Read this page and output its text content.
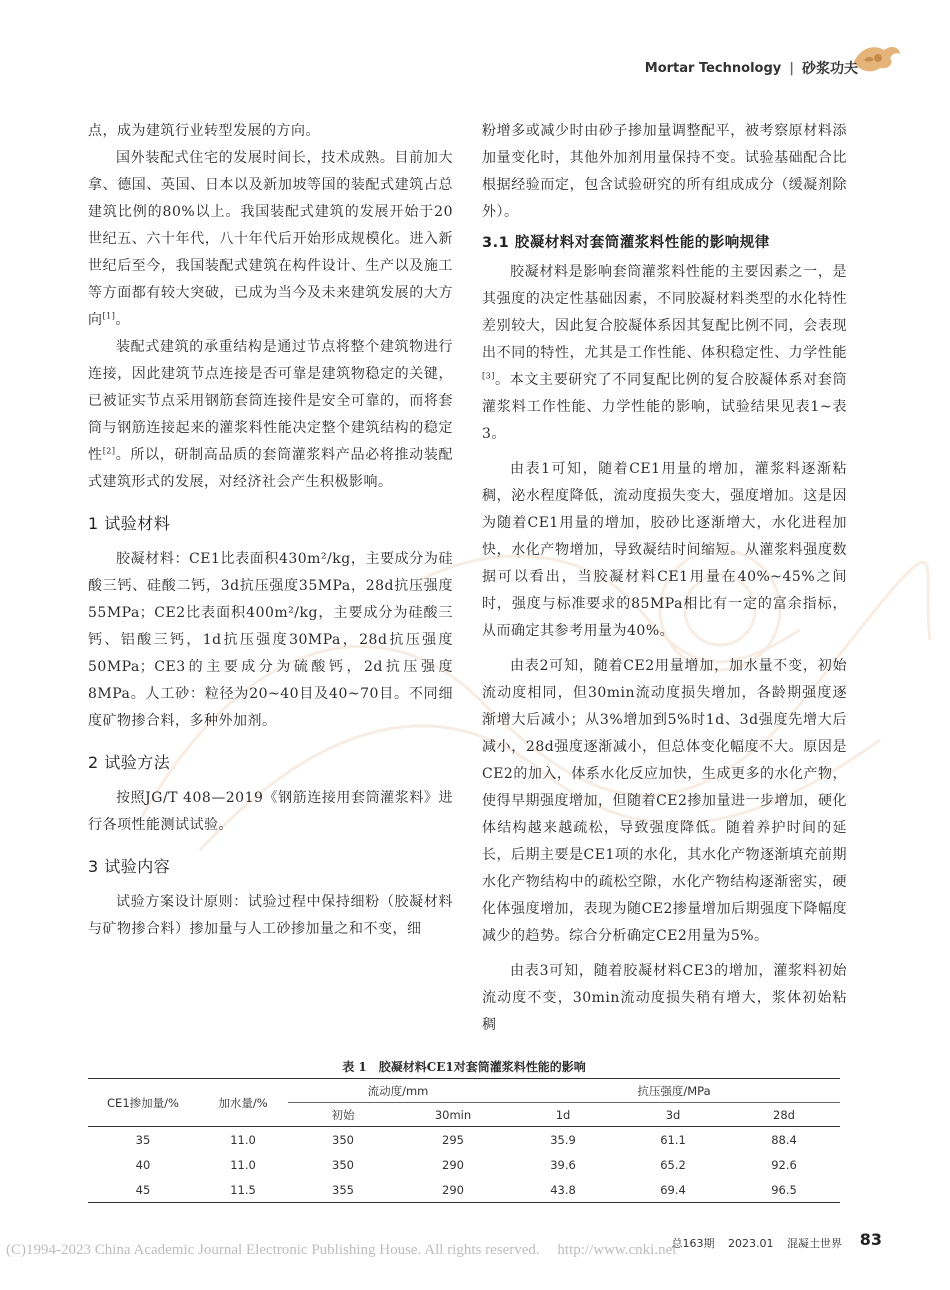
Mortar Technology | 砂浆功夫

点，成为建筑行业转型发展的方向。

国外装配式住宅的发展时间长，技术成熟。目前加大拿、德国、英国、日本以及新加坡等国的装配式建筑占总建筑比例的80%以上。我国装配式建筑的发展开始于20世纪五、六十年代，八十年代后开始形成规模化。进入新世纪后至今，我国装配式建筑在构件设计、生产以及施工等方面都有较大突破，已成为当今及未来建筑发展的大方向[1]。

装配式建筑的承重结构是通过节点将整个建筑物进行连接，因此建筑节点连接是否可靠是建筑物稳定的关键，已被证实节点采用钢筋套筒连接件是安全可靠的，而将套筒与钢筋连接起来的灌浆料性能决定整个建筑结构的稳定性[2]。所以，研制高品质的套筒灌浆料产品必将推动装配式建筑形式的发展，对经济社会产生积极影响。

1 试验材料

胶凝材料：CE1比表面积430m²/kg，主要成分为硅酸三钙、硅酸二钙，3d抗压强度35MPa，28d抗压强度55MPa；CE2比表面积400m²/kg，主要成分为硅酸三钙、铝酸三钙，1d抗压强度30MPa，28d抗压强度50MPa；CE3的主要成分为硫酸钙，2d抗压强度8MPa。人工砂：粒径为20~40目及40~70目。不同细度矿物掺合料，多种外加剂。

2 试验方法

按照JG/T 408—2019《钢筋连接用套筒灌浆料》进行各项性能测试试验。

3 试验内容

试验方案设计原则：试验过程中保持细粉（胶凝材料与矿物掺合料）掺加量与人工砂掺加量之和不变，细

粉增多或减少时由砂子掺加量调整配平，被考察原材料添加量变化时，其他外加剂用量保持不变。试验基础配合比根据经验而定，包含试验研究的所有组成成分（缓凝剂除外）。

3.1 胶凝材料对套筒灌浆料性能的影响规律

胶凝材料是影响套筒灌浆料性能的主要因素之一，是其强度的决定性基础因素，不同胶凝材料类型的水化特性差别较大，因此复合胶凝体系因其复配比例不同，会表现出不同的特性，尤其是工作性能、体积稳定性、力学性能[3]。本文主要研究了不同复配比例的复合胶凝体系对套筒灌浆料工作性能、力学性能的影响，试验结果见表1~表3。

由表1可知，随着CE1用量的增加，灌浆料逐渐粘稠，泌水程度降低，流动度损失变大，强度增加。这是因为随着CE1用量的增加，胶砂比逐渐增大，水化进程加快，水化产物增加，导致凝结时间缩短。从灌浆料强度数据可以看出，当胶凝材料CE1用量在40%~45%之间时，强度与标准要求的85MPa相比有一定的富余指标，从而确定其参考用量为40%。

由表2可知，随着CE2用量增加，加水量不变，初始流动度相同，但30min流动度损失增加，各龄期强度逐渐增大后减小；从3%增加到5%时1d、3d强度先增大后减小，28d强度逐渐减小，但总体变化幅度不大。原因是CE2的加入，体系水化反应加快，生成更多的水化产物，使得早期强度增加，但随着CE2掺加量进一步增加，硬化体结构越来越疏松，导致强度降低。随着养护时间的延长，后期主要是CE1项的水化，其水化产物逐渐填充前期水化产物结构中的疏松空隙，水化产物结构逐渐密实，硬化体强度增加，表现为随CE2掺量增加后期强度下降幅度减少的趋势。综合分析确定CE2用量为5%。

由表3可知，随着胶凝材料CE3的增加，灌浆料初始流动度不变，30min流动度损失稍有增大，浆体初始粘稠

表 1　胶凝材料CE1对套筒灌浆料性能的影响
CE1掺加量/%	加水量/%	流动度/mm		抗压强度/MPa		
		初始	30min	1d	3d	28d
35	11.0	350	295	35.9	61.1	88.4
40	11.0	350	290	39.6	65.2	92.6
45	11.5	355	290	43.8	69.4	96.5
总163期 2023.01 混凝土世界 83
(C)1994-2023 China Academic Journal Electronic Publishing House. All rights reserved. http://www.cnki.net
